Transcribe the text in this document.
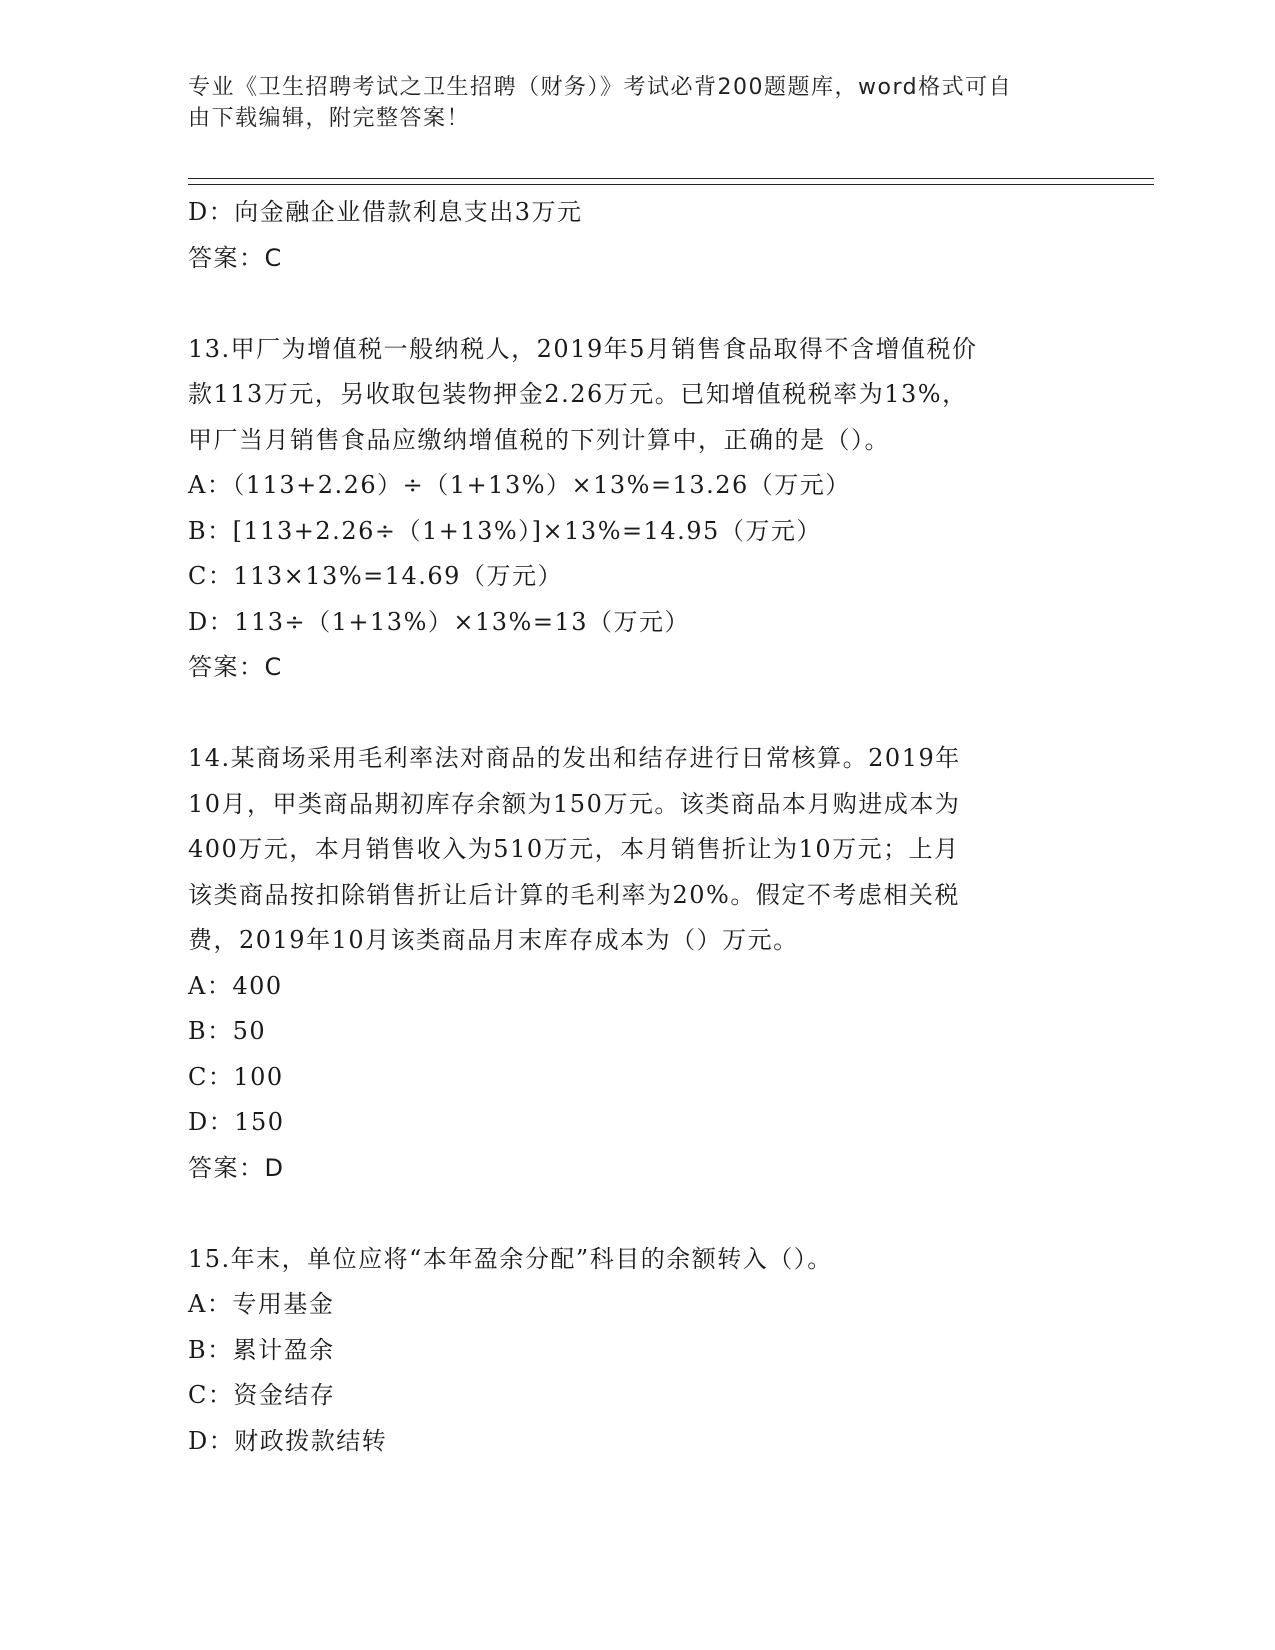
专业《卫生招聘考试之卫生招聘（财务）》考试必背200题题库，word格式可自
由下载编辑，附完整答案！
D：向金融企业借款利息支出3万元
答案：C
13.甲厂为增值税一般纳税人，2019年5月销售食品取得不含增值税价
款113万元，另收取包装物押金2.26万元。已知增值税税率为13%，
甲厂当月销售食品应缴纳增值税的下列计算中，正确的是（）。
A：（113+2.26）÷（1+13%）×13%=13.26（万元）
B：[113+2.26÷（1+13%）]×13%=14.95（万元）
C：113×13%=14.69（万元）
D：113÷（1+13%）×13%=13（万元）
答案：C
14.某商场采用毛利率法对商品的发出和结存进行日常核算。2019年
10月，甲类商品期初库存余额为150万元。该类商品本月购进成本为
400万元，本月销售收入为510万元，本月销售折让为10万元；上月
该类商品按扣除销售折让后计算的毛利率为20%。假定不考虑相关税
费，2019年10月该类商品月末库存成本为（）万元。
A：400
B：50
C：100
D：150
答案：D
15.年末，单位应将“本年盈余分配”科目的余额转入（）。
A：专用基金
B：累计盈余
C：资金结存
D：财政拨款结转
